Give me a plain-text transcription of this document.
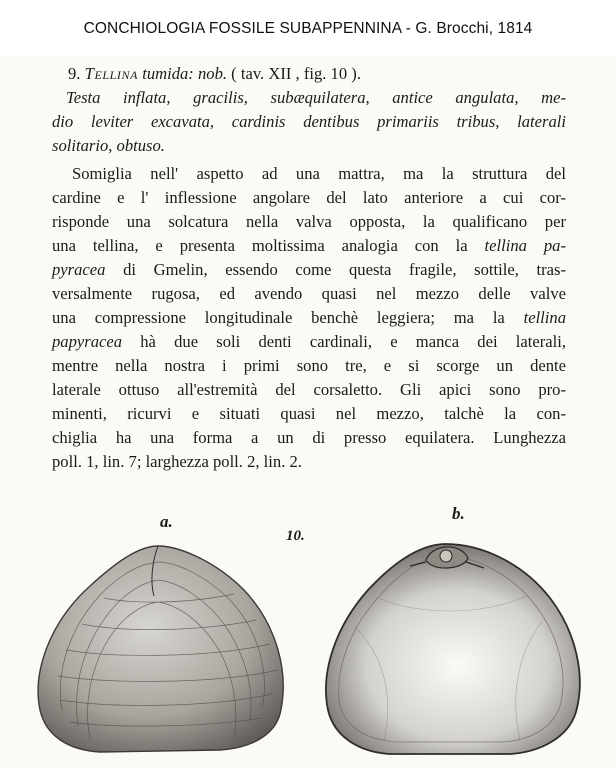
CONCHIOLOGIA FOSSILE SUBAPPENNINA - G. Brocchi, 1814
9. Tellina tumida: nob. ( tav. XII , fig. 10 ).
Testa inflata, gracilis, subæquilatera, antice angulata, me-
dio leviter excavata, cardinis dentibus primariis tribus, laterali
solitario, obtuso.
Somiglia nell' aspetto ad una mattra, ma la struttura del
cardine e l' inflessione angolare del lato anteriore a cui cor-
risponde una solcatura nella valva opposta, la qualificano per
una tellina, e presenta moltissima analogia con la tellina pa-
pyracea di Gmelin, essendo come questa fragile, sottile, tras-
versalmente rugosa, ed avendo quasi nel mezzo delle valve
una compressione longitudinale benchè leggiera; ma la tellina
papyracea hà due soli denti cardinali, e manca dei laterali,
mentre nella nostra i primi sono tre, e si scorge un dente
laterale ottuso all'estremità del corsaletto. Gli apici sono pro-
minenti, ricurvi e situati quasi nel mezzo, talchè la con-
chiglia ha una forma a un di presso equilatera. Lunghezza
poll. 1, lin. 7; larghezza poll. 2, lin. 2.
a.
10.
b.
